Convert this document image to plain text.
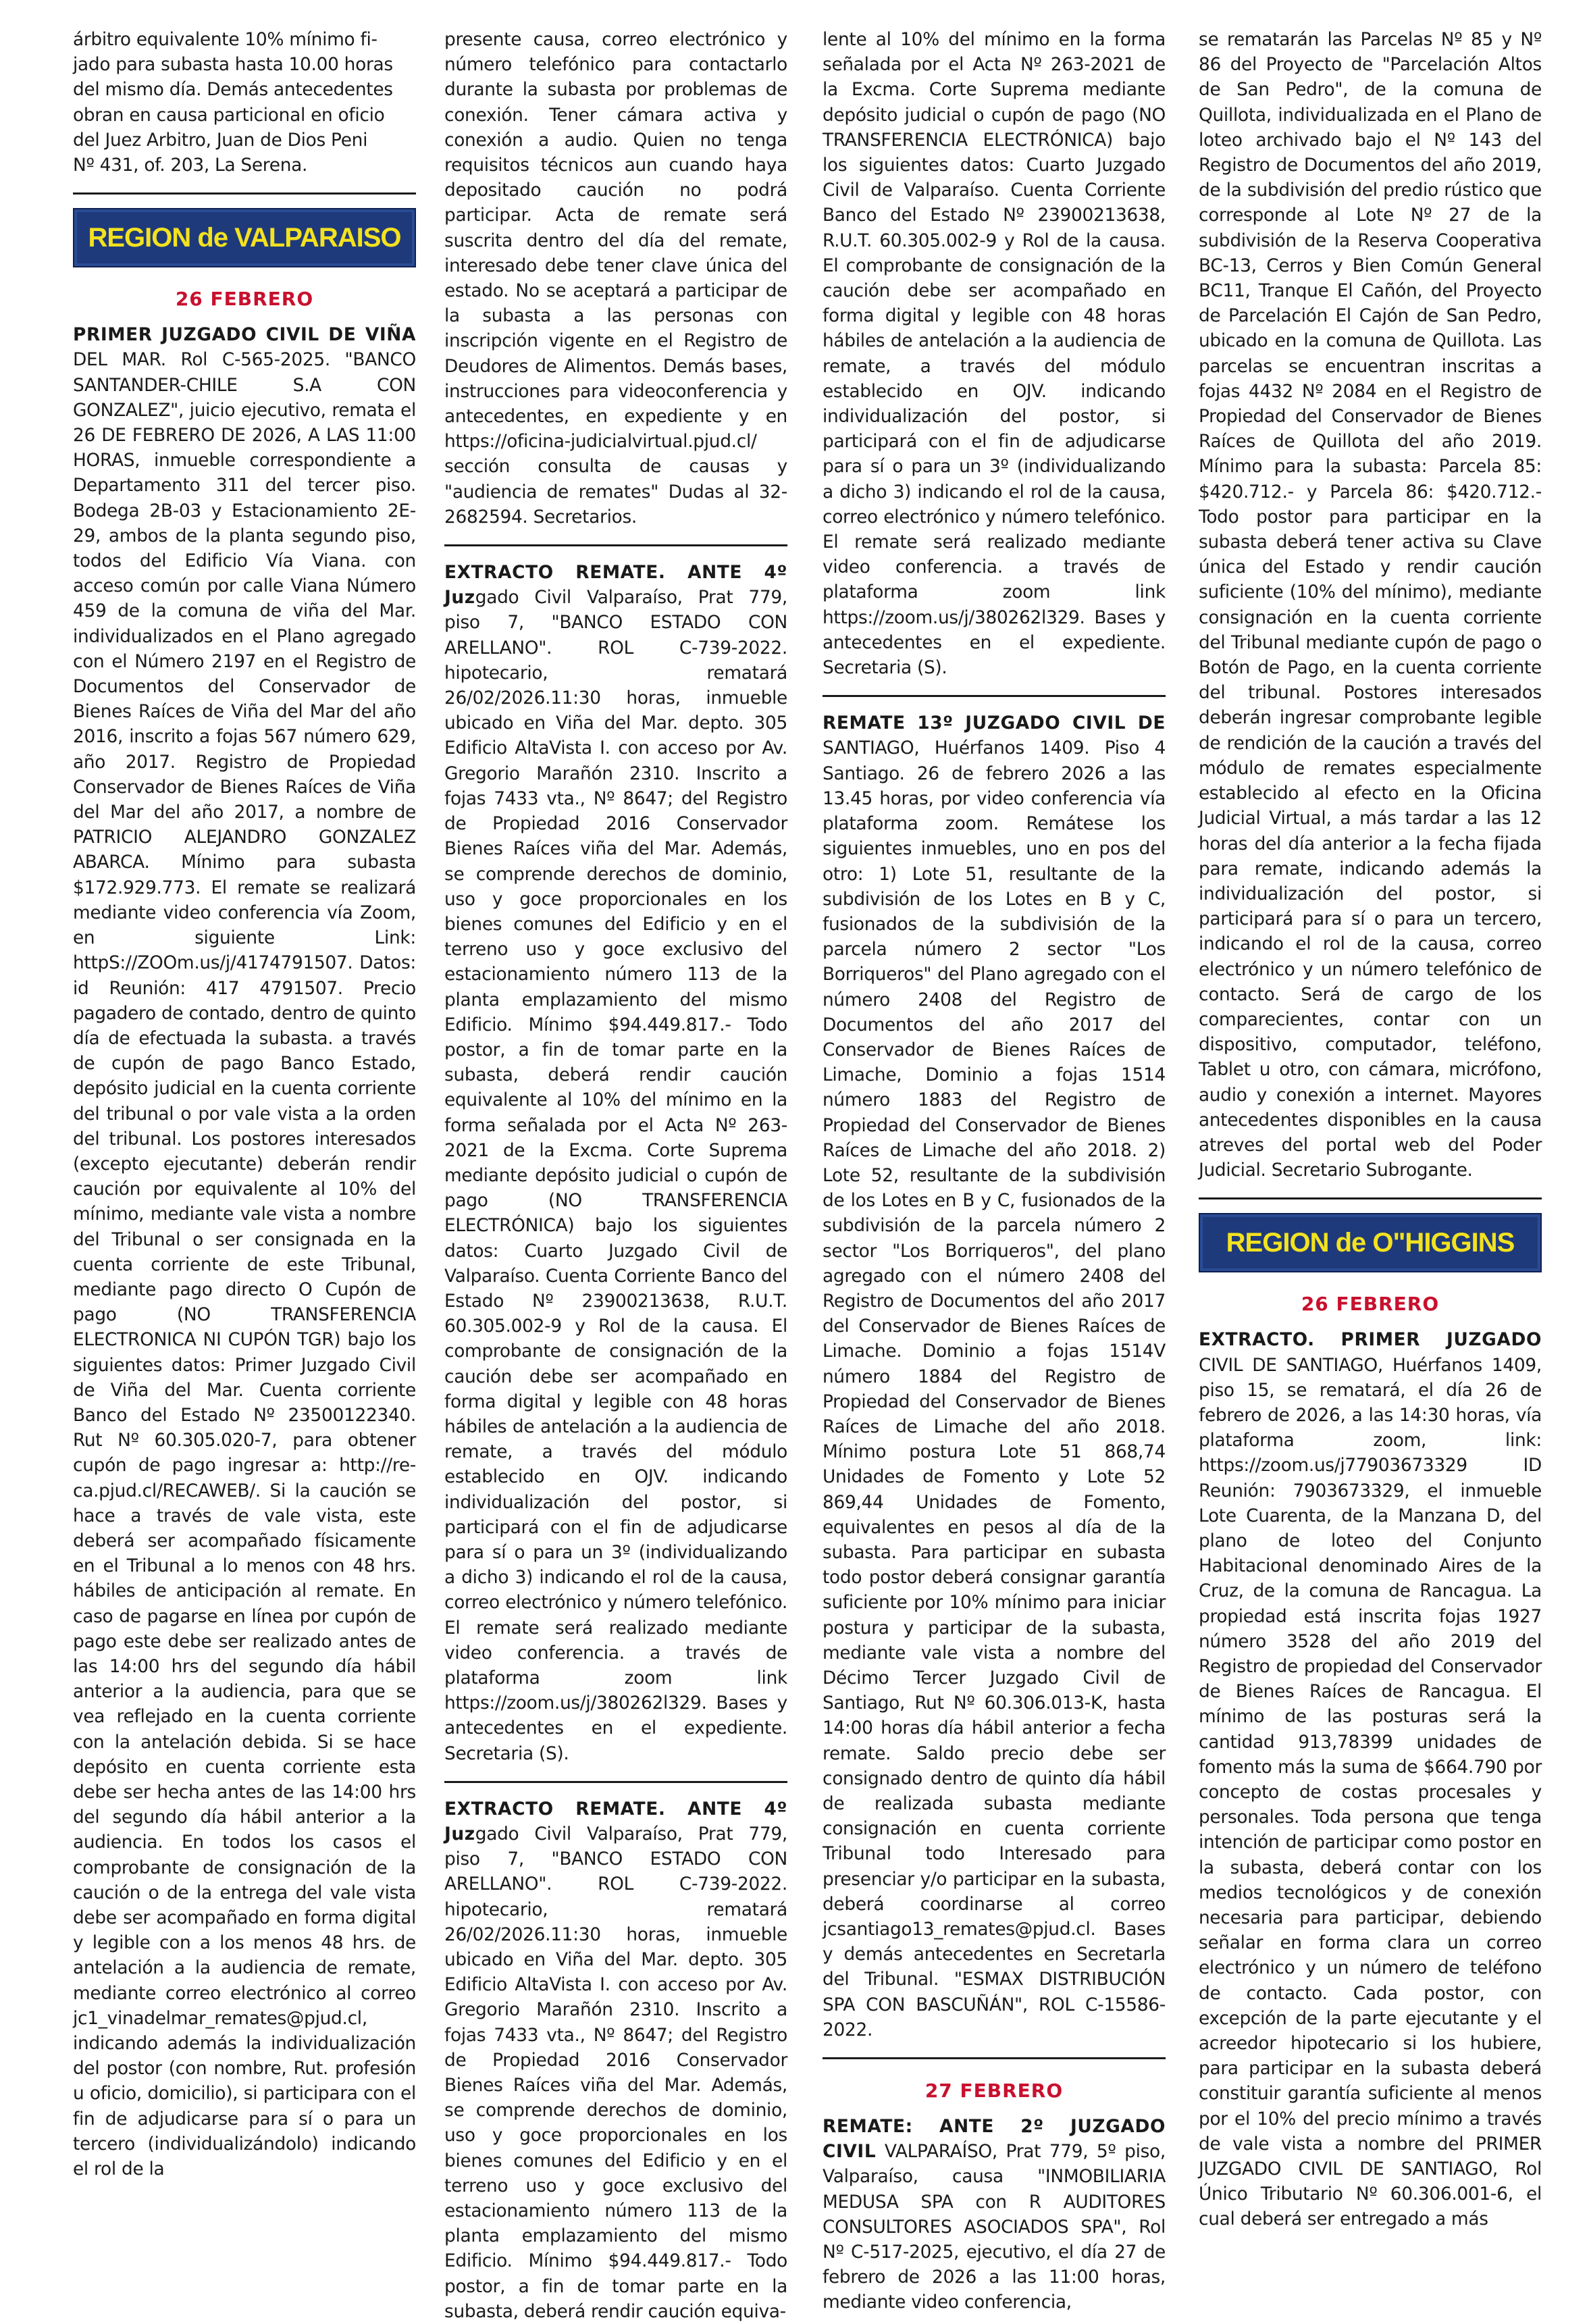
árbitro equivalente 10% mínimo fi-
jado para subasta hasta 10.00 horas
del mismo día. Demás antecedentes
obran en causa particional en oficio
del Juez Arbitro, Juan de Dios Peni
Nº 431, of. 203, La Serena.

REGION de VALPARAISO
26 FEBRERO

PRIMER JUZGADO CIVIL DE VIÑA DEL MAR. Rol C-565-2025. "BANCO SANTANDER-CHILE S.A CON GONZALEZ", juicio ejecutivo, remata el 26 DE FEBRERO DE 2026, A LAS 11:00 HORAS, inmueble correspondiente a Departamento 311 del tercer piso. Bodega 2B-03 y Estacionamiento 2E-29, ambos de la planta segundo piso, todos del Edificio Vía Viana. con acceso común por calle Viana Número 459 de la comuna de viña del Mar. individualizados en el Plano agregado con el Número 2197 en el Registro de Documentos del Conservador de Bienes Raíces de Viña del Mar del año 2016, inscrito a fojas 567 número 629, año 2017. Registro de Propiedad Conservador de Bienes Raíces de Viña del Mar del año 2017, a nombre de PATRICIO ALEJANDRO GONZALEZ ABARCA. Mínimo para subasta $172.929.773. El remate se realizará mediante video conferencia vía Zoom, en siguiente Link: httpS://ZOOm.us/j/4174791507. Datos: id Reunión: 417 4791507. Precio pagadero de contado, dentro de quinto día de efectuada la subasta. a través de cupón de pago Banco Estado, depósito judicial en la cuenta corriente del tribunal o por vale vista a la orden del tribunal. Los postores interesados (excepto ejecutante) deberán rendir caución por equivalente al 10% del mínimo, mediante vale vista a nombre del Tribunal o ser consignada en la cuenta corriente de este Tribunal, mediante pago directo O Cupón de pago (NO TRANSFERENCIA ELECTRONICA NI CUPÓN TGR) bajo los siguientes datos: Primer Juzgado Civil de Viña del Mar. Cuenta corriente Banco del Estado Nº 23500122340. Rut Nº 60.305.020-7, para obtener cupón de pago ingresar a: http://re-ca.pjud.cl/RECAWEB/. Si la caución se hace a través de vale vista, este deberá ser acompañado físicamente en el Tribunal a lo menos con 48 hrs. hábiles de anticipación al remate. En caso de pagarse en línea por cupón de pago este debe ser realizado antes de las 14:00 hrs del segundo día hábil anterior a la audiencia, para que se vea reflejado en la cuenta corriente con la antelación debida. Si se hace depósito en cuenta corriente esta debe ser hecha antes de las 14:00 hrs del segundo día hábil anterior a la audiencia. En todos los casos el comprobante de consignación de la caución o de la entrega del vale vista debe ser acompañado en forma digital y legible con a los menos 48 hrs. de antelación a la audiencia de remate, mediante correo electrónico al correo jc1_vinadelmar_remates@pjud.cl, indicando además la individualización del postor (con nombre, Rut. profesión u oficio, domicilio), si participara con el fin de adjudicarse para sí o para un tercero (individualizándolo) indicando el rol de la

presente causa, correo electrónico y número telefónico para contactarlo durante la subasta por problemas de conexión. Tener cámara activa y conexión a audio. Quien no tenga requisitos técnicos aun cuando haya depositado caución no podrá participar. Acta de remate será suscrita dentro del día del remate, interesado debe tener clave única del estado. No se aceptará a participar de la subasta a las personas con inscripción vigente en el Registro de Deudores de Alimentos. Demás bases, instrucciones para videoconferencia y antecedentes, en expediente y en https://oficina-judicialvirtual.pjud.cl/ sección consulta de causas y "audiencia de remates" Dudas al 32-2682594. Secretarios.

EXTRACTO REMATE. ANTE 4º Juzgado Civil Valparaíso, Prat 779, piso 7, "BANCO ESTADO CON ARELLANO". ROL C-739-2022. hipotecario, rematará 26/02/2026.11:30 horas, inmueble ubicado en Viña del Mar. depto. 305 Edificio AltaVista I. con acceso por Av. Gregorio Marañón 2310. Inscrito a fojas 7433 vta., Nº 8647; del Registro de Propiedad 2016 Conservador Bienes Raíces viña del Mar. Además, se comprende derechos de dominio, uso y goce proporcionales en los bienes comunes del Edificio y en el terreno uso y goce exclusivo del estacionamiento número 113 de la planta emplazamiento del mismo Edificio. Mínimo $94.449.817.- Todo postor, a fin de tomar parte en la subasta, deberá rendir caución equivalente al 10% del mínimo en la forma señalada por el Acta Nº 263-2021 de la Excma. Corte Suprema mediante depósito judicial o cupón de pago (NO TRANSFERENCIA ELECTRÓNICA) bajo los siguientes datos: Cuarto Juzgado Civil de Valparaíso. Cuenta Corriente Banco del Estado Nº 23900213638, R.U.T. 60.305.002-9 y Rol de la causa. El comprobante de consignación de la caución debe ser acompañado en forma digital y legible con 48 horas hábiles de antelación a la audiencia de remate, a través del módulo establecido en OJV. indicando individualización del postor, si participará con el fin de adjudicarse para sí o para un 3º (individualizando a dicho 3) indicando el rol de la causa, correo electrónico y número telefónico. El remate será realizado mediante video conferencia. a través de plataforma zoom link https://zoom.us/j/380262l329. Bases y antecedentes en el expediente. Secretaria (S).

EXTRACTO REMATE. ANTE 4º Juzgado Civil Valparaíso, Prat 779, piso 7, "BANCO ESTADO CON ARELLANO". ROL C-739-2022. hipotecario, rematará 26/02/2026.11:30 horas, inmueble ubicado en Viña del Mar. depto. 305 Edificio AltaVista I. con acceso por Av. Gregorio Marañón 2310. Inscrito a fojas 7433 vta., Nº 8647; del Registro de Propiedad 2016 Conservador Bienes Raíces viña del Mar. Además, se comprende derechos de dominio, uso y goce proporcionales en los bienes comunes del Edificio y en el terreno uso y goce exclusivo del estacionamiento número 113 de la planta emplazamiento del mismo Edificio. Mínimo $94.449.817.- Todo postor, a fin de tomar parte en la subasta, deberá rendir caución equiva-

lente al 10% del mínimo en la forma señalada por el Acta Nº 263-2021 de la Excma. Corte Suprema mediante depósito judicial o cupón de pago (NO TRANSFERENCIA ELECTRÓNICA) bajo los siguientes datos: Cuarto Juzgado Civil de Valparaíso. Cuenta Corriente Banco del Estado Nº 23900213638, R.U.T. 60.305.002-9 y Rol de la causa. El comprobante de consignación de la caución debe ser acompañado en forma digital y legible con 48 horas hábiles de antelación a la audiencia de remate, a través del módulo establecido en OJV. indicando individualización del postor, si participará con el fin de adjudicarse para sí o para un 3º (individualizando a dicho 3) indicando el rol de la causa, correo electrónico y número telefónico. El remate será realizado mediante video conferencia. a través de plataforma zoom link https://zoom.us/j/380262l329. Bases y antecedentes en el expediente. Secretaria (S).

REMATE 13º JUZGADO CIVIL DE SANTIAGO, Huérfanos 1409. Piso 4 Santiago. 26 de febrero 2026 a las 13.45 horas, por video conferencia vía plataforma zoom. Remátese los siguientes inmuebles, uno en pos del otro: 1) Lote 51, resultante de la subdivisión de los Lotes en B y C, fusionados de la subdivisión de la parcela número 2 sector "Los Borriqueros" del Plano agregado con el número 2408 del Registro de Documentos del año 2017 del Conservador de Bienes Raíces de Limache, Dominio a fojas 1514 número 1883 del Registro de Propiedad del Conservador de Bienes Raíces de Limache del año 2018. 2) Lote 52, resultante de la subdivisión de los Lotes en B y C, fusionados de la subdivisión de la parcela número 2 sector "Los Borriqueros", del plano agregado con el número 2408 del Registro de Documentos del año 2017 del Conservador de Bienes Raíces de Limache. Dominio a fojas 1514V número 1884 del Registro de Propiedad del Conservador de Bienes Raíces de Limache del año 2018. Mínimo postura Lote 51 868,74 Unidades de Fomento y Lote 52 869,44 Unidades de Fomento, equivalentes en pesos al día de la subasta. Para participar en subasta todo postor deberá consignar garantía suficiente por 10% mínimo para iniciar postura y participar de la subasta, mediante vale vista a nombre del Décimo Tercer Juzgado Civil de Santiago, Rut Nº 60.306.013-K, hasta 14:00 horas día hábil anterior a fecha remate. Saldo precio debe ser consignado dentro de quinto día hábil de realizada subasta mediante consignación en cuenta corriente Tribunal todo Interesado para presenciar y/o participar en la subasta, deberá coordinarse al correo jcsantiago13_remates@pjud.cl. Bases y demás antecedentes en Secretarla del Tribunal. "ESMAX DISTRIBUCIÓN SPA CON BASCUÑÁN", ROL C-15586-2022.

27 FEBRERO

REMATE: ANTE 2º JUZGADO CIVIL VALPARAÍSO, Prat 779, 5º piso, Valparaíso, causa "INMOBILIARIA MEDUSA SPA con R AUDITORES CONSULTORES ASOCIADOS SPA", Rol Nº C-517-2025, ejecutivo, el día 27 de febrero de 2026 a las 11:00 horas, mediante video conferencia,

se rematarán las Parcelas Nº 85 y Nº 86 del Proyecto de "Parcelación Altos de San Pedro", de la comuna de Quillota, individualizada en el Plano de loteo archivado bajo el Nº 143 del Registro de Documentos del año 2019, de la subdivisión del predio rústico que corresponde al Lote Nº 27 de la subdivisión de la Reserva Cooperativa BC-13, Cerros y Bien Común General BC11, Tranque El Cañón, del Proyecto de Parcelación El Cajón de San Pedro, ubicado en la comuna de Quillota. Las parcelas se encuentran inscritas a fojas 4432 Nº 2084 en el Registro de Propiedad del Conservador de Bienes Raíces de Quillota del año 2019. Mínimo para la subasta: Parcela 85: $420.712.- y Parcela 86: $420.712.- Todo postor para participar en la subasta deberá tener activa su Clave única del Estado y rendir caución suficiente (10% del mínimo), mediante consignación en la cuenta corriente del Tribunal mediante cupón de pago o Botón de Pago, en la cuenta corriente del tribunal. Postores interesados deberán ingresar comprobante legible de rendición de la caución a través del módulo de remates especialmente establecido al efecto en la Oficina Judicial Virtual, a más tardar a las 12 horas del día anterior a la fecha fijada para remate, indicando además la individualización del postor, si participará para sí o para un tercero, indicando el rol de la causa, correo electrónico y un número telefónico de contacto. Será de cargo de los comparecientes, contar con un dispositivo, computador, teléfono, Tablet u otro, con cámara, micrófono, audio y conexión a internet. Mayores antecedentes disponibles en la causa atreves del portal web del Poder Judicial. Secretario Subrogante.

REGION de O"HIGGINS
26 FEBRERO

EXTRACTO. PRIMER JUZGADO CIVIL DE SANTIAGO, Huérfanos 1409, piso 15, se rematará, el día 26 de febrero de 2026, a las 14:30 horas, vía plataforma zoom, link: https://zoom.us/j77903673329 ID Reunión: 7903673329, el inmueble Lote Cuarenta, de la Manzana D, del plano de loteo del Conjunto Habitacional denominado Aires de la Cruz, de la comuna de Rancagua. La propiedad está inscrita fojas 1927 número 3528 del año 2019 del Registro de propiedad del Conservador de Bienes Raíces de Rancagua. El mínimo de las posturas será la cantidad 913,78399 unidades de fomento más la suma de $664.790 por concepto de costas procesales y personales. Toda persona que tenga intención de participar como postor en la subasta, deberá contar con los medios tecnológicos y de conexión necesaria para participar, debiendo señalar en forma clara un correo electrónico y un número de teléfono de contacto. Cada postor, con excepción de la parte ejecutante y el acreedor hipotecario si los hubiere, para participar en la subasta deberá constituir garantía suficiente al menos por el 10% del precio mínimo a través de vale vista a nombre del PRIMER JUZGADO CIVIL DE SANTIAGO, Rol Único Tributario Nº 60.306.001-6, el cual deberá ser entregado a más
